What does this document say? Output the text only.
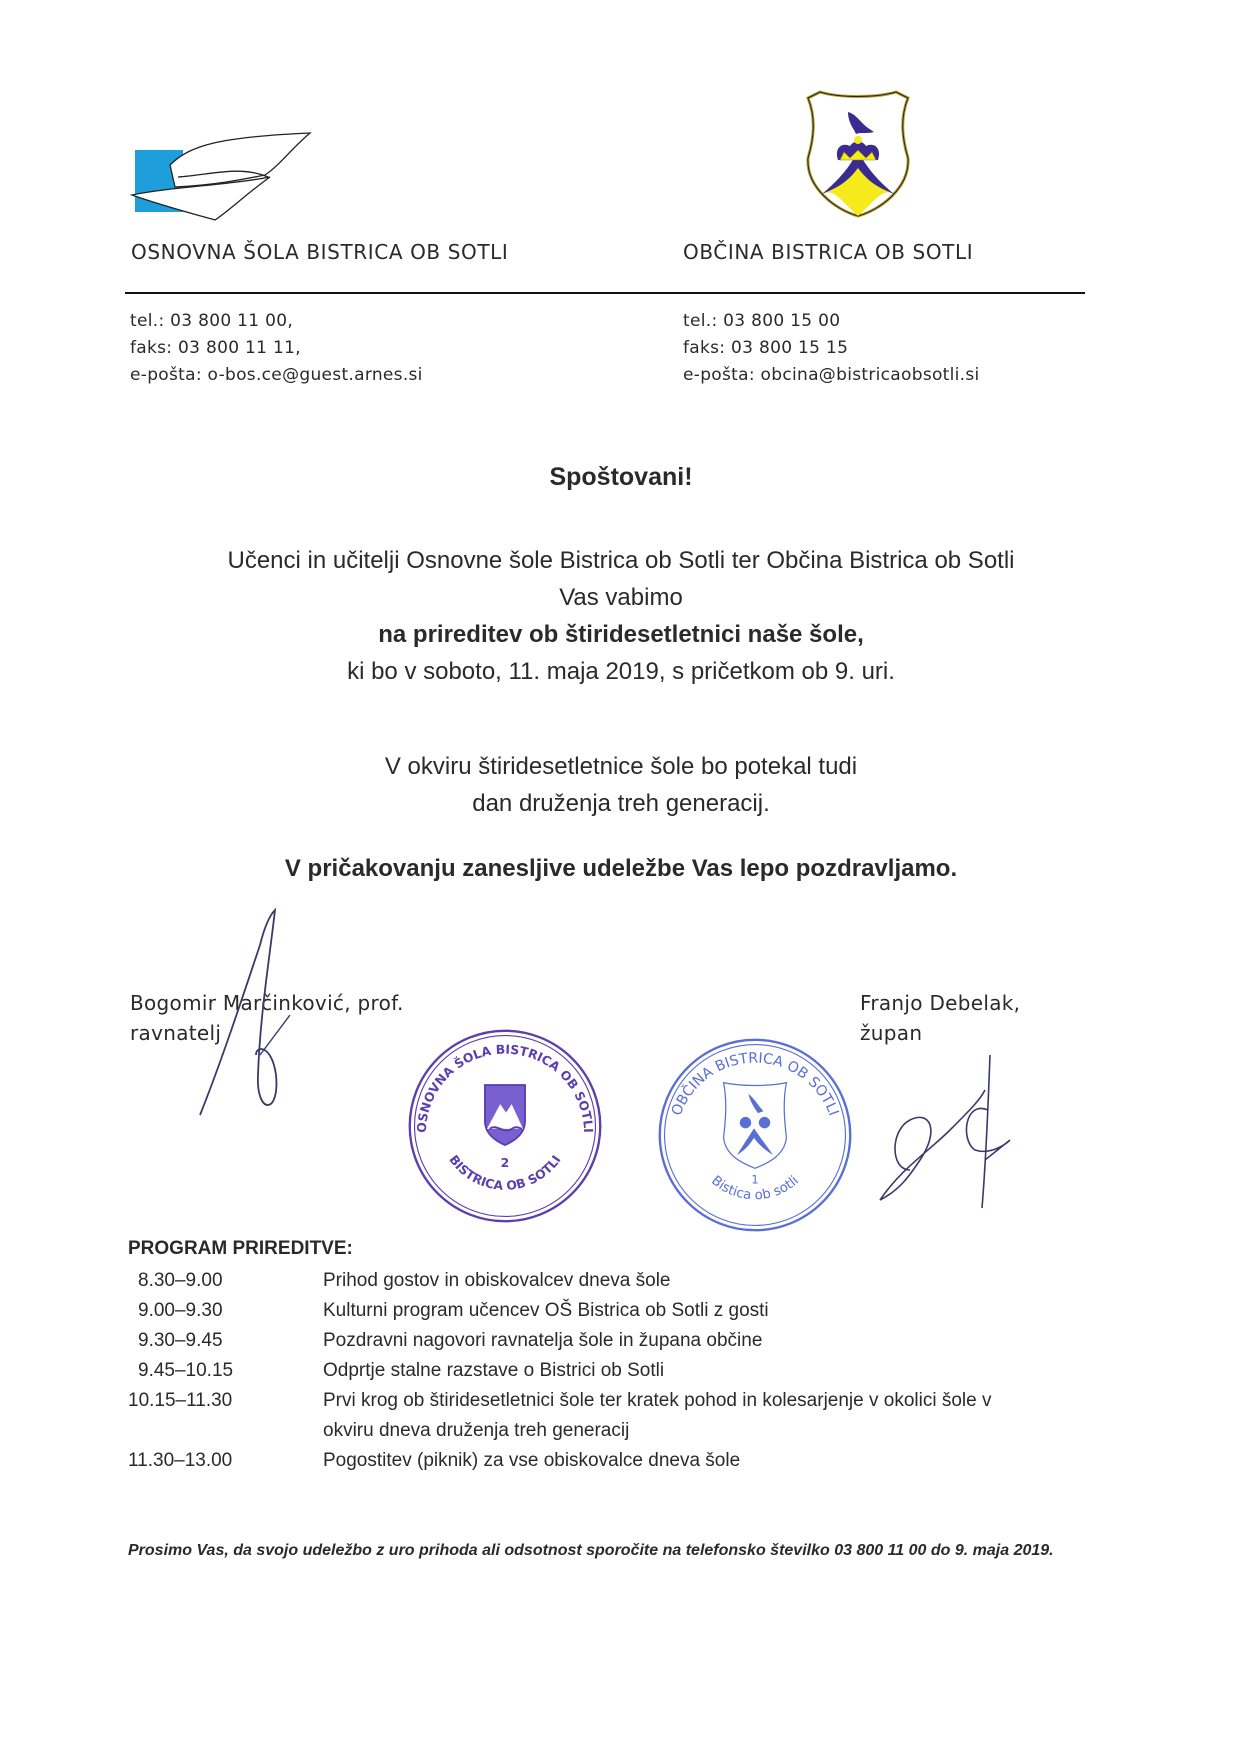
OSNOVNA ŠOLA BISTRICA OB SOTLI	OBČINA BISTRICA OB SOTLI
tel.: 03 800 11 00,
faks: 03 800 11 11,
e-pošta: o-bos.ce@guest.arnes.si
tel.: 03 800 15 00
faks: 03 800 15 15
e-pošta: obcina@bistricaobsotli.si
Spoštovani!
Učenci in učitelji Osnovne šole Bistrica ob Sotli ter Občina Bistrica ob Sotli
Vas vabimo
na prireditev ob štiridesetletnici naše šole,
ki bo v soboto, 11. maja 2019, s pričetkom ob 9. uri.
V okviru štiridesetletnice šole bo potekal tudi
dan druženja treh generacij.
V pričakovanju zanesljive udeležbe Vas lepo pozdravljamo.
Bogomir Marčinković, prof.
ravnatelj
Franjo Debelak,
župan
OSNOVNA ŠOLA BISTRICA OB SOTLI
BISTRICA OB SOTLI
2
OBČINA BISTRICA OB SOTLI
Bistica ob sotli
1
PROGRAM PRIREDITVE:
8.30–9.00	Prihod gostov in obiskovalcev dneva šole
9.00–9.30	Kulturni program učencev OŠ Bistrica ob Sotli z gosti
9.30–9.45	Pozdravni nagovori ravnatelja šole in župana občine
9.45–10.15	Odprtje stalne razstave o Bistrici ob Sotli
10.15–11.30	Prvi krog ob štiridesetletnici šole ter kratek pohod in kolesarjenje v okolici šole v okviru dneva druženja treh generacij
11.30–13.00	Pogostitev (piknik) za vse obiskovalce dneva šole
Prosimo Vas, da svojo udeležbo z uro prihoda ali odsotnost sporočite na telefonsko številko 03 800 11 00 do 9. maja 2019.
